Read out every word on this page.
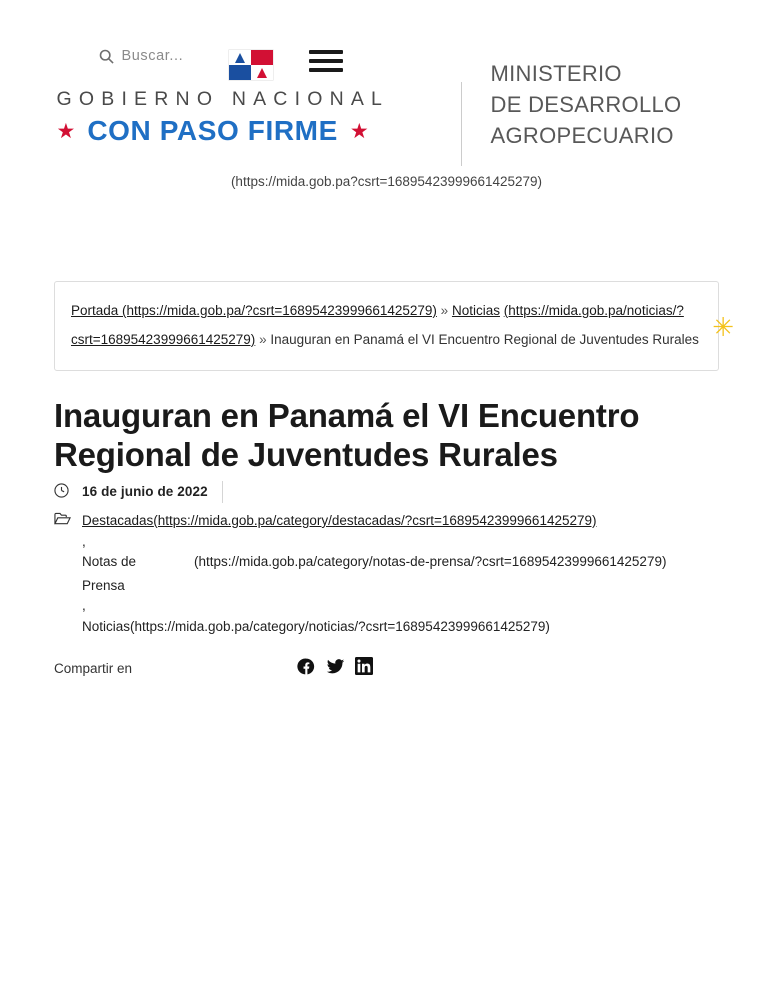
Buscar...
GOBIERNO NACIONAL
★ CON PASO FIRME ★
MINISTERIO
DE DESARROLLO
AGROPECUARIO
(https://mida.gob.pa?csrt=16895423999661425279)
Portada (https://mida.gob.pa/?csrt=16895423999661425279) » Noticias (https://mida.gob.pa/noticias/?csrt=16895423999661425279) » Inauguran en Panamá el VI Encuentro Regional de Juventudes Rurales ✳
Inauguran en Panamá el VI Encuentro Regional de Juventudes Rurales
16 de junio de 2022
Destacadas(https://mida.gob.pa/category/destacadas/?csrt=16895423999661425279)
,
Notas de Prensa
(https://mida.gob.pa/category/notas-de-prensa/?csrt=16895423999661425279)
,
Noticias(https://mida.gob.pa/category/noticias/?csrt=16895423999661425279)
Compartir en
